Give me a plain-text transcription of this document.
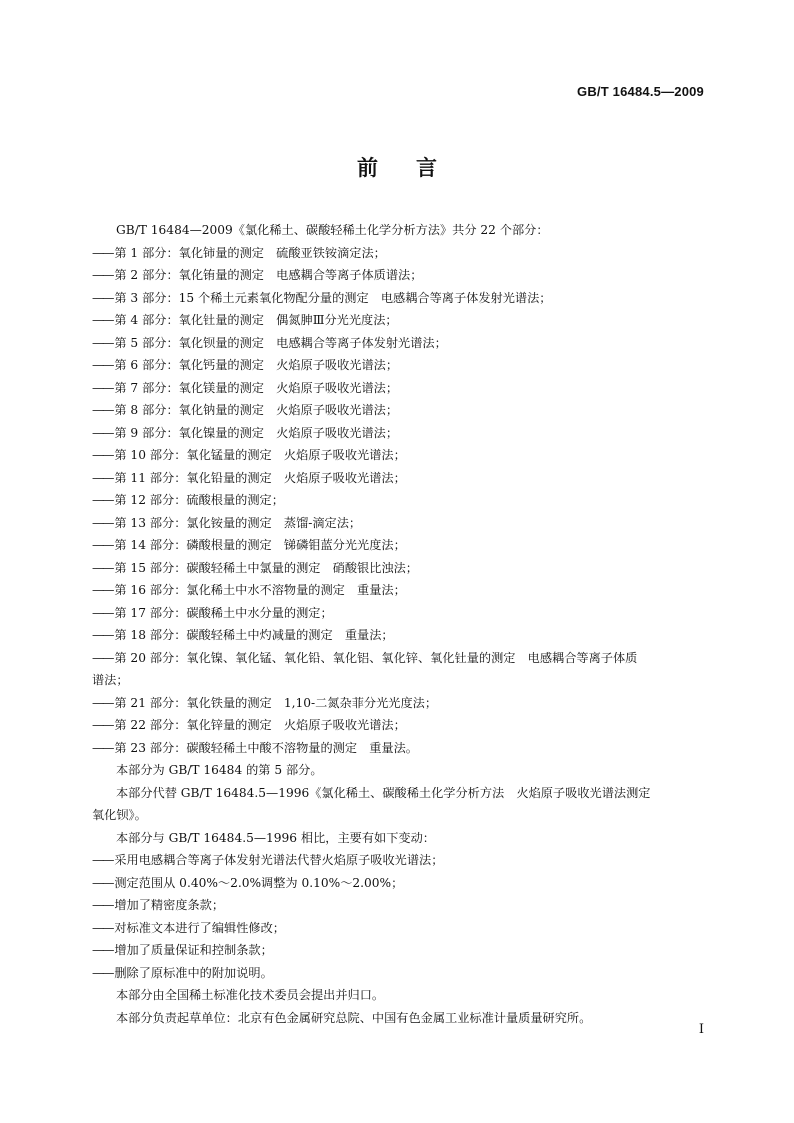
GB/T 16484.5—2009
前言

GB/T 16484—2009《氯化稀土、碳酸轻稀土化学分析方法》共分 22 个部分：

—— 第 1 部分：氧化铈量的测定　硫酸亚铁铵滴定法；

—— 第 2 部分：氧化铕量的测定　电感耦合等离子体质谱法；

—— 第 3 部分：15 个稀土元素氧化物配分量的测定　电感耦合等离子体发射光谱法；

—— 第 4 部分：氧化钍量的测定　偶氮胂Ⅲ分光光度法；

—— 第 5 部分：氧化钡量的测定　电感耦合等离子体发射光谱法；

—— 第 6 部分：氧化钙量的测定　火焰原子吸收光谱法；

—— 第 7 部分：氧化镁量的测定　火焰原子吸收光谱法；

—— 第 8 部分：氧化钠量的测定　火焰原子吸收光谱法；

—— 第 9 部分：氧化镍量的测定　火焰原子吸收光谱法；

—— 第 10 部分：氧化锰量的测定　火焰原子吸收光谱法；

—— 第 11 部分：氧化铅量的测定　火焰原子吸收光谱法；

—— 第 12 部分：硫酸根量的测定；

—— 第 13 部分：氯化铵量的测定　蒸馏-滴定法；

—— 第 14 部分：磷酸根量的测定　锑磷钼蓝分光光度法；

—— 第 15 部分：碳酸轻稀土中氯量的测定　硝酸银比浊法；

—— 第 16 部分：氯化稀土中水不溶物量的测定　重量法；

—— 第 17 部分：碳酸稀土中水分量的测定；

—— 第 18 部分：碳酸轻稀土中灼减量的测定　重量法；

—— 第 20 部分：氧化镍、氧化锰、氧化铅、氧化铝、氧化锌、氧化钍量的测定　电感耦合等离子体质

谱法；

—— 第 21 部分：氧化铁量的测定　1,10-二氮杂菲分光光度法；

—— 第 22 部分：氧化锌量的测定　火焰原子吸收光谱法；

—— 第 23 部分：碳酸轻稀土中酸不溶物量的测定　重量法。

本部分为 GB/T 16484 的第 5 部分。

本部分代替 GB/T 16484.5—1996《氯化稀土、碳酸稀土化学分析方法　火焰原子吸收光谱法测定

氧化钡》。

本部分与 GB/T 16484.5—1996 相比，主要有如下变动：

—— 采用电感耦合等离子体发射光谱法代替火焰原子吸收光谱法；

—— 测定范围从 0.40%～2.0%调整为 0.10%～2.00%；

—— 增加了精密度条款；

—— 对标准文本进行了编辑性修改；

—— 增加了质量保证和控制条款；

—— 删除了原标准中的附加说明。

本部分由全国稀土标准化技术委员会提出并归口。

本部分负责起草单位：北京有色金属研究总院、中国有色金属工业标准计量质量研究所。

I
